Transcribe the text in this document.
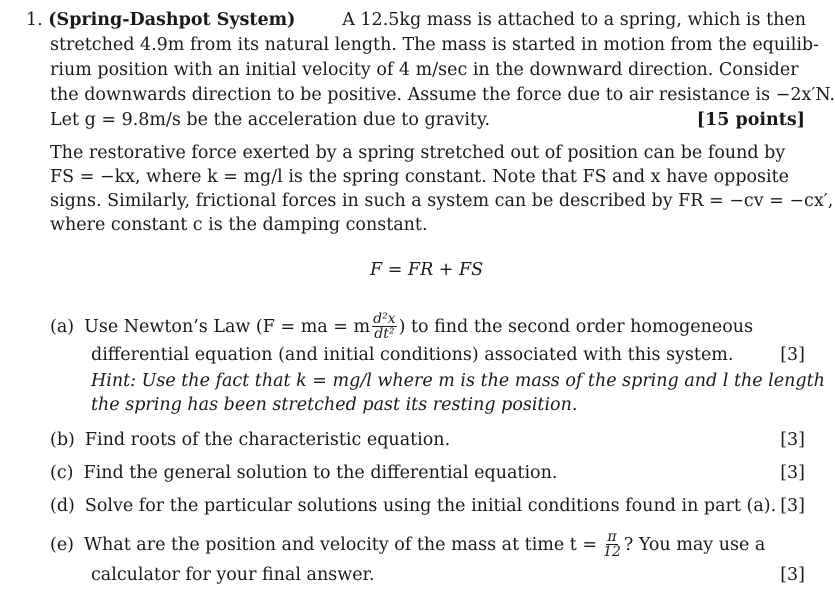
1. (Spring-Dashpot System)	A 12.5kg mass is attached to a spring, which is then
stretched 4.9m from its natural length. The mass is started in motion from the equilib-
rium position with an initial velocity of 4 m/sec in the downward direction. Consider
the downwards direction to be positive. Assume the force due to air resistance is −2x′N.
Let g = 9.8m/s be the acceleration due to gravity.	[15 points]
The restorative force exerted by a spring stretched out of position can be found by
FS = −kx, where k = mg/l is the spring constant. Note that FS and x have opposite
signs. Similarly, frictional forces in such a system can be described by FR = −cv = −cx′,
where constant c is the damping constant.
F = FR + FS
(a) Use Newton’s Law (F = ma = m $\frac{\text{d²x}}{\text{dt²}}$ ) to find the second order homogeneous
differential equation (and initial conditions) associated with this system.	[3]
Hint: Use the fact that k = mg/l where m is the mass of the spring and l the length
the spring has been stretched past its resting position.
(b) Find roots of the characteristic equation.	[3]
(c) Find the general solution to the differential equation.	[3]
(d) Solve for the particular solutions using the initial conditions found in part (a). [3]
(e) What are the position and velocity of the mass at time $t = \frac{\pi}{12}$ ? You may use a
calculator for your final answer.	[3]
